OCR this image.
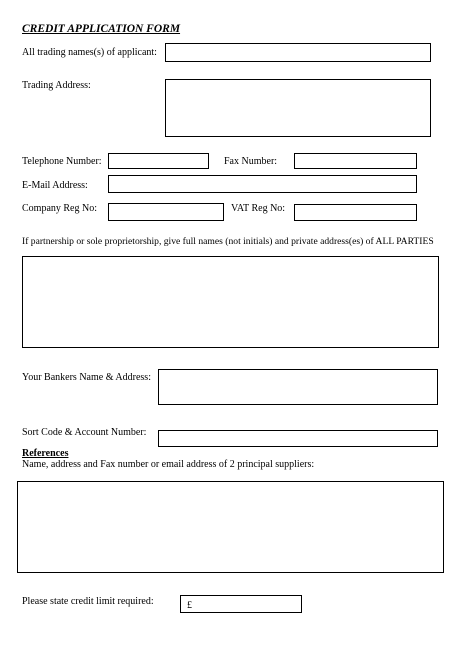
CREDIT APPLICATION FORM
All trading names(s) of applicant:
Trading Address:
Telephone Number:	Fax Number:
E-Mail Address:
Company Reg No:	VAT Reg No:
If partnership or sole proprietorship, give full names (not initials) and private address(es) of ALL PARTIES
Your Bankers Name & Address:
Sort Code & Account Number:
References
Name, address and Fax number or email address of 2 principal suppliers:
Please state credit limit required:	£
